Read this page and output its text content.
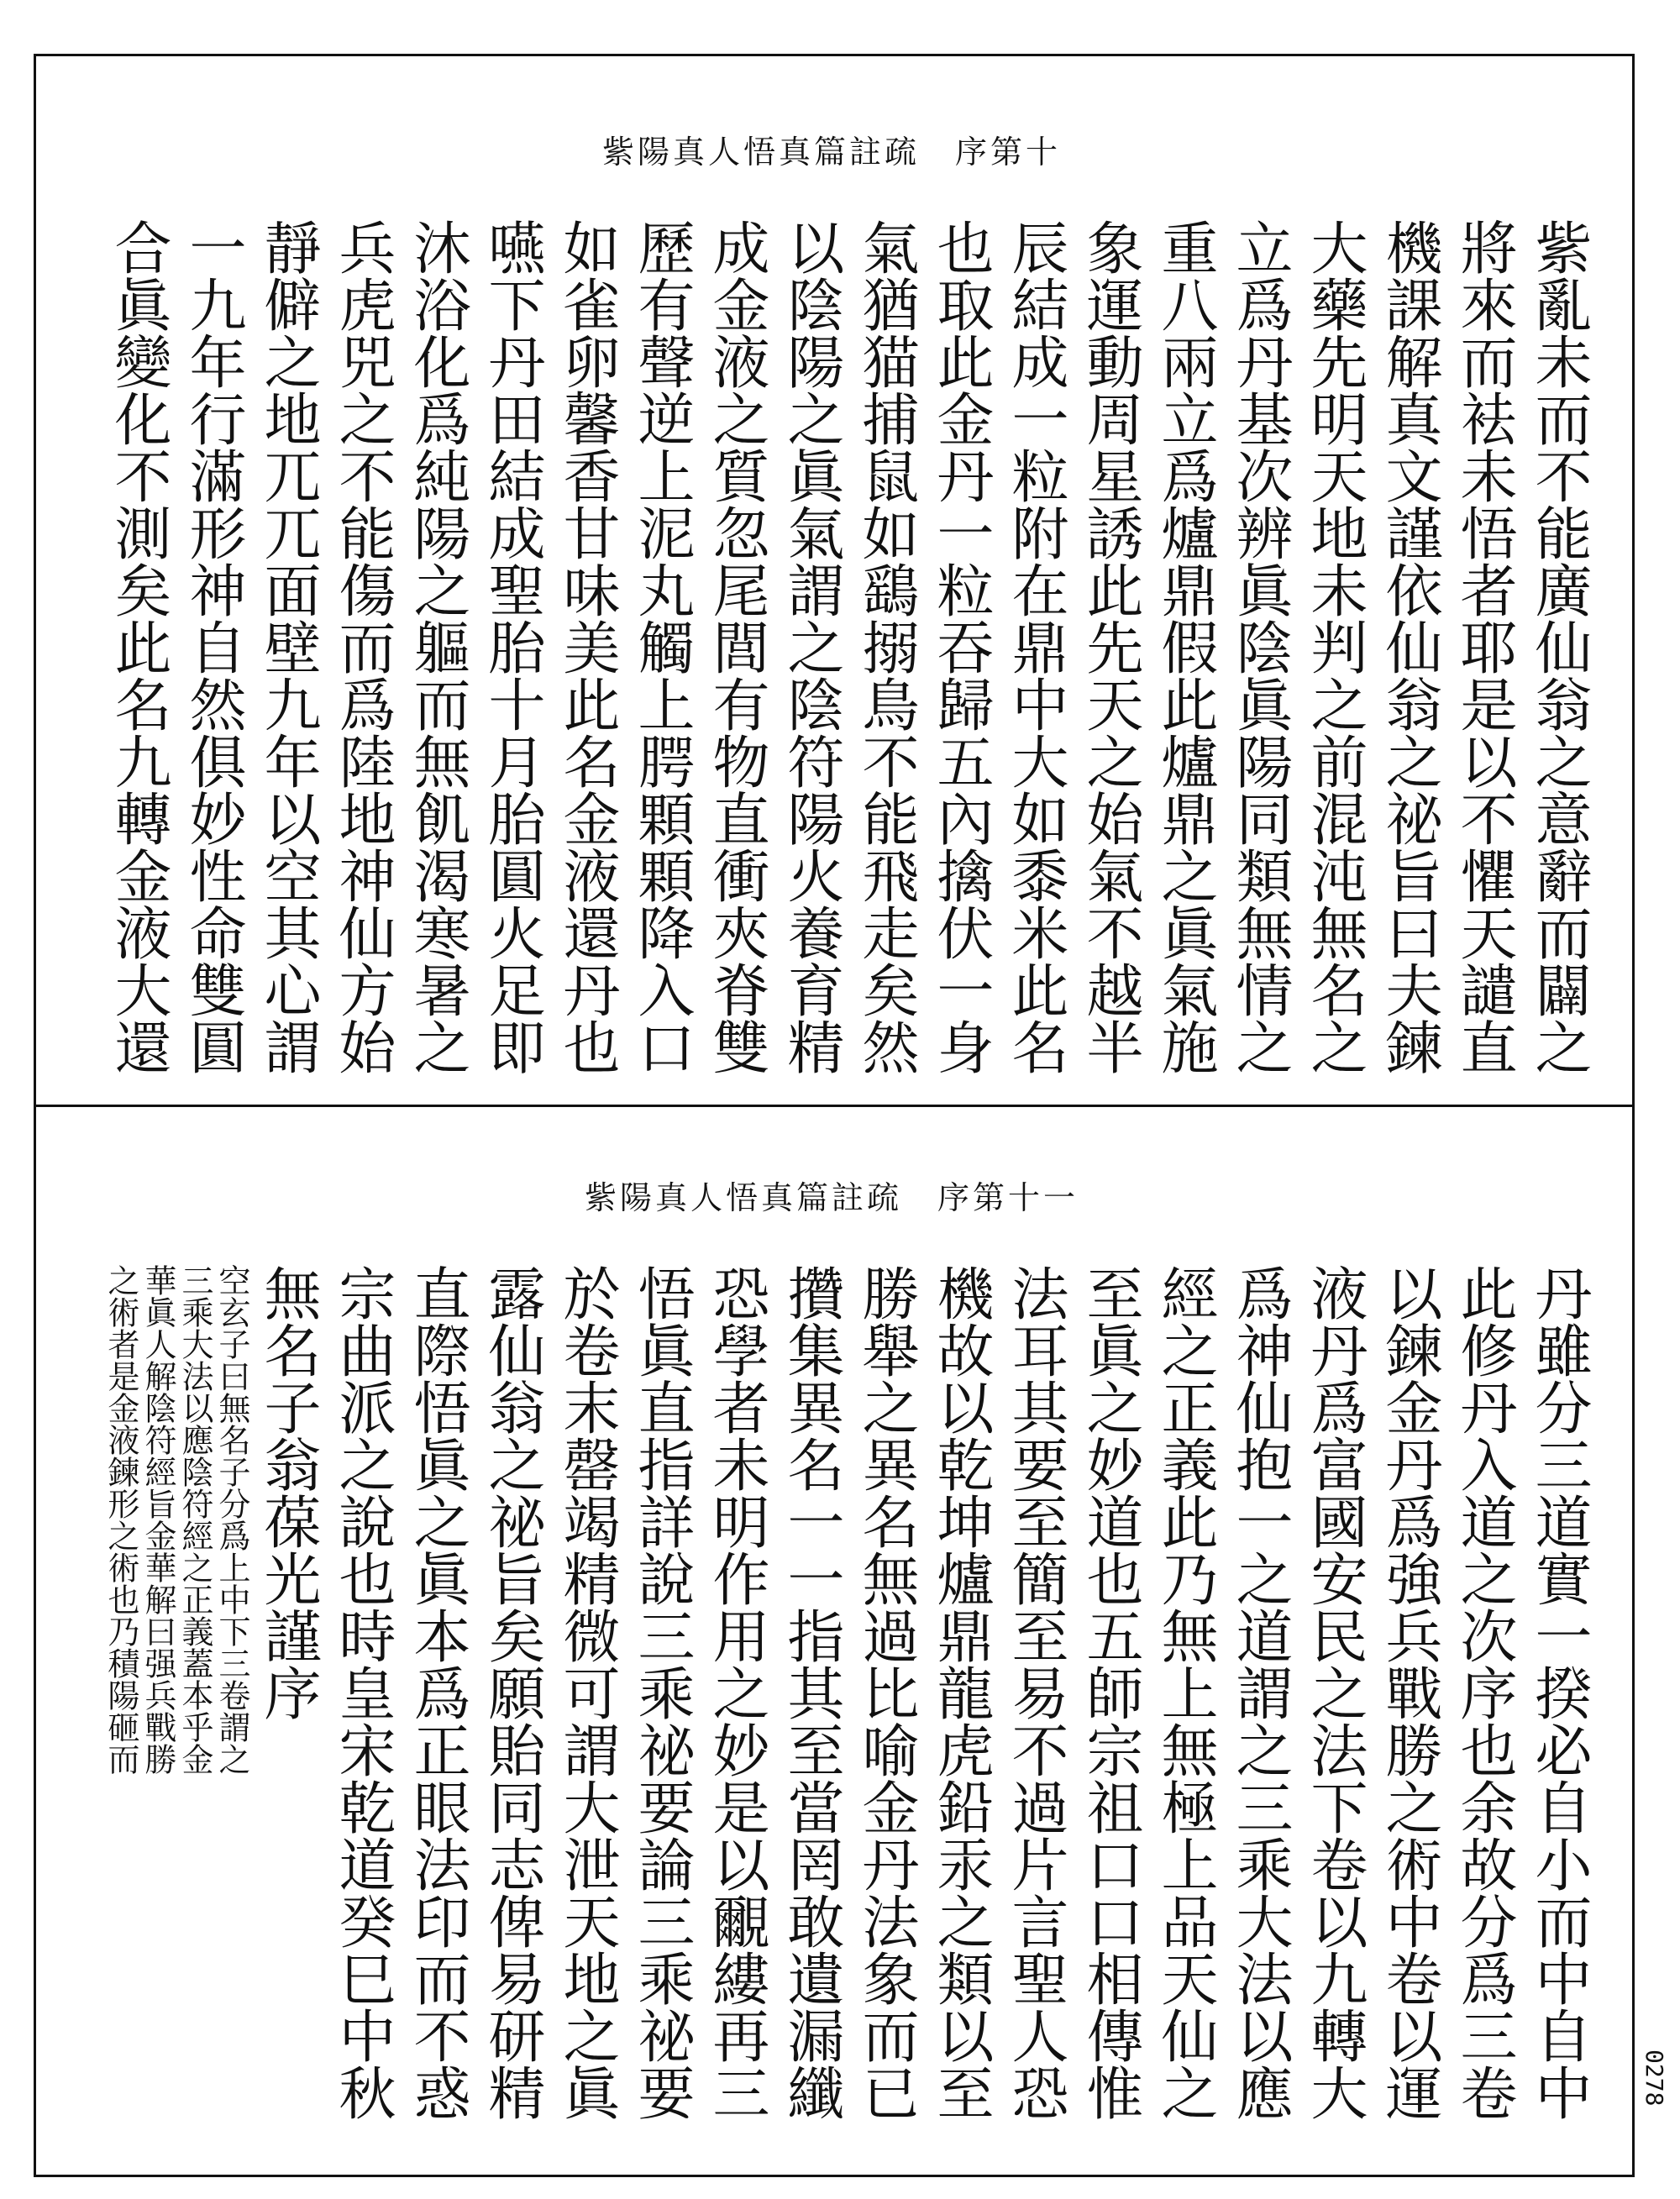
紫陽真人悟真篇註疏　序第十
紫亂未而不能廣仙翁之意辭而闢之
將來而袪未悟者耶是以不懼天譴直
機課解真文謹依仙翁之祕旨曰夫鍊
大藥先明天地未判之前混沌無名之
立爲丹基次辨眞陰眞陽同類無情之
重八兩立爲爐鼎假此爐鼎之眞氣施
象運動周星誘此先天之始氣不越半
辰結成一粒附在鼎中大如黍米此名
也取此金丹一粒吞歸五內擒伏一身
氣猶猫捕鼠如鷂搦鳥不能飛走矣然
以陰陽之眞氣謂之陰符陽火養育精
成金液之質忽尾閭有物直衝夾脊雙
歷有聲逆上泥丸觸上腭顆顆降入口
如雀卵馨香甘味美此名金液還丹也
嚥下丹田結成聖胎十月胎圓火足即
沐浴化爲純陽之軀而無飢渴寒暑之
兵虎兕之不能傷而爲陸地神仙方始
靜僻之地兀兀面壁九年以空其心謂
一九年行滿形神自然俱妙性命雙圓
合眞變化不測矣此名九轉金液大還
紫陽真人悟真篇註疏　序第十一
丹雖分三道實一揆必自小而中自中
此修丹入道之次序也余故分爲三卷
以鍊金丹爲強兵戰勝之術中卷以運
液丹爲富國安民之法下卷以九轉大
爲神仙抱一之道謂之三乘大法以應
經之正義此乃無上無極上品天仙之
至眞之妙道也五師宗祖口口相傳惟
法耳其要至簡至易不過片言聖人恐
機故以乾坤爐鼎龍虎鉛汞之類以至
勝舉之異名無過比喻金丹法象而已
攢集異名一一指其至當罔敢遺漏纖
恐學者未明作用之妙是以覼縷再三
悟眞直指詳說三乘祕要論三乘祕要
於卷末罄竭精微可謂大泄天地之眞
露仙翁之祕旨矣願貽同志俾易研精
直際悟眞之眞本爲正眼法印而不惑
宗曲派之說也時皇宋乾道癸巳中秋
無名子翁葆光謹序
空玄子曰無名子分爲上中下三卷謂之
三乘大法以應陰符經之正義蓋本乎金
華眞人解陰符經旨金華解曰强兵戰勝
之術者是金液鍊形之術也乃積陽砸而
0278
